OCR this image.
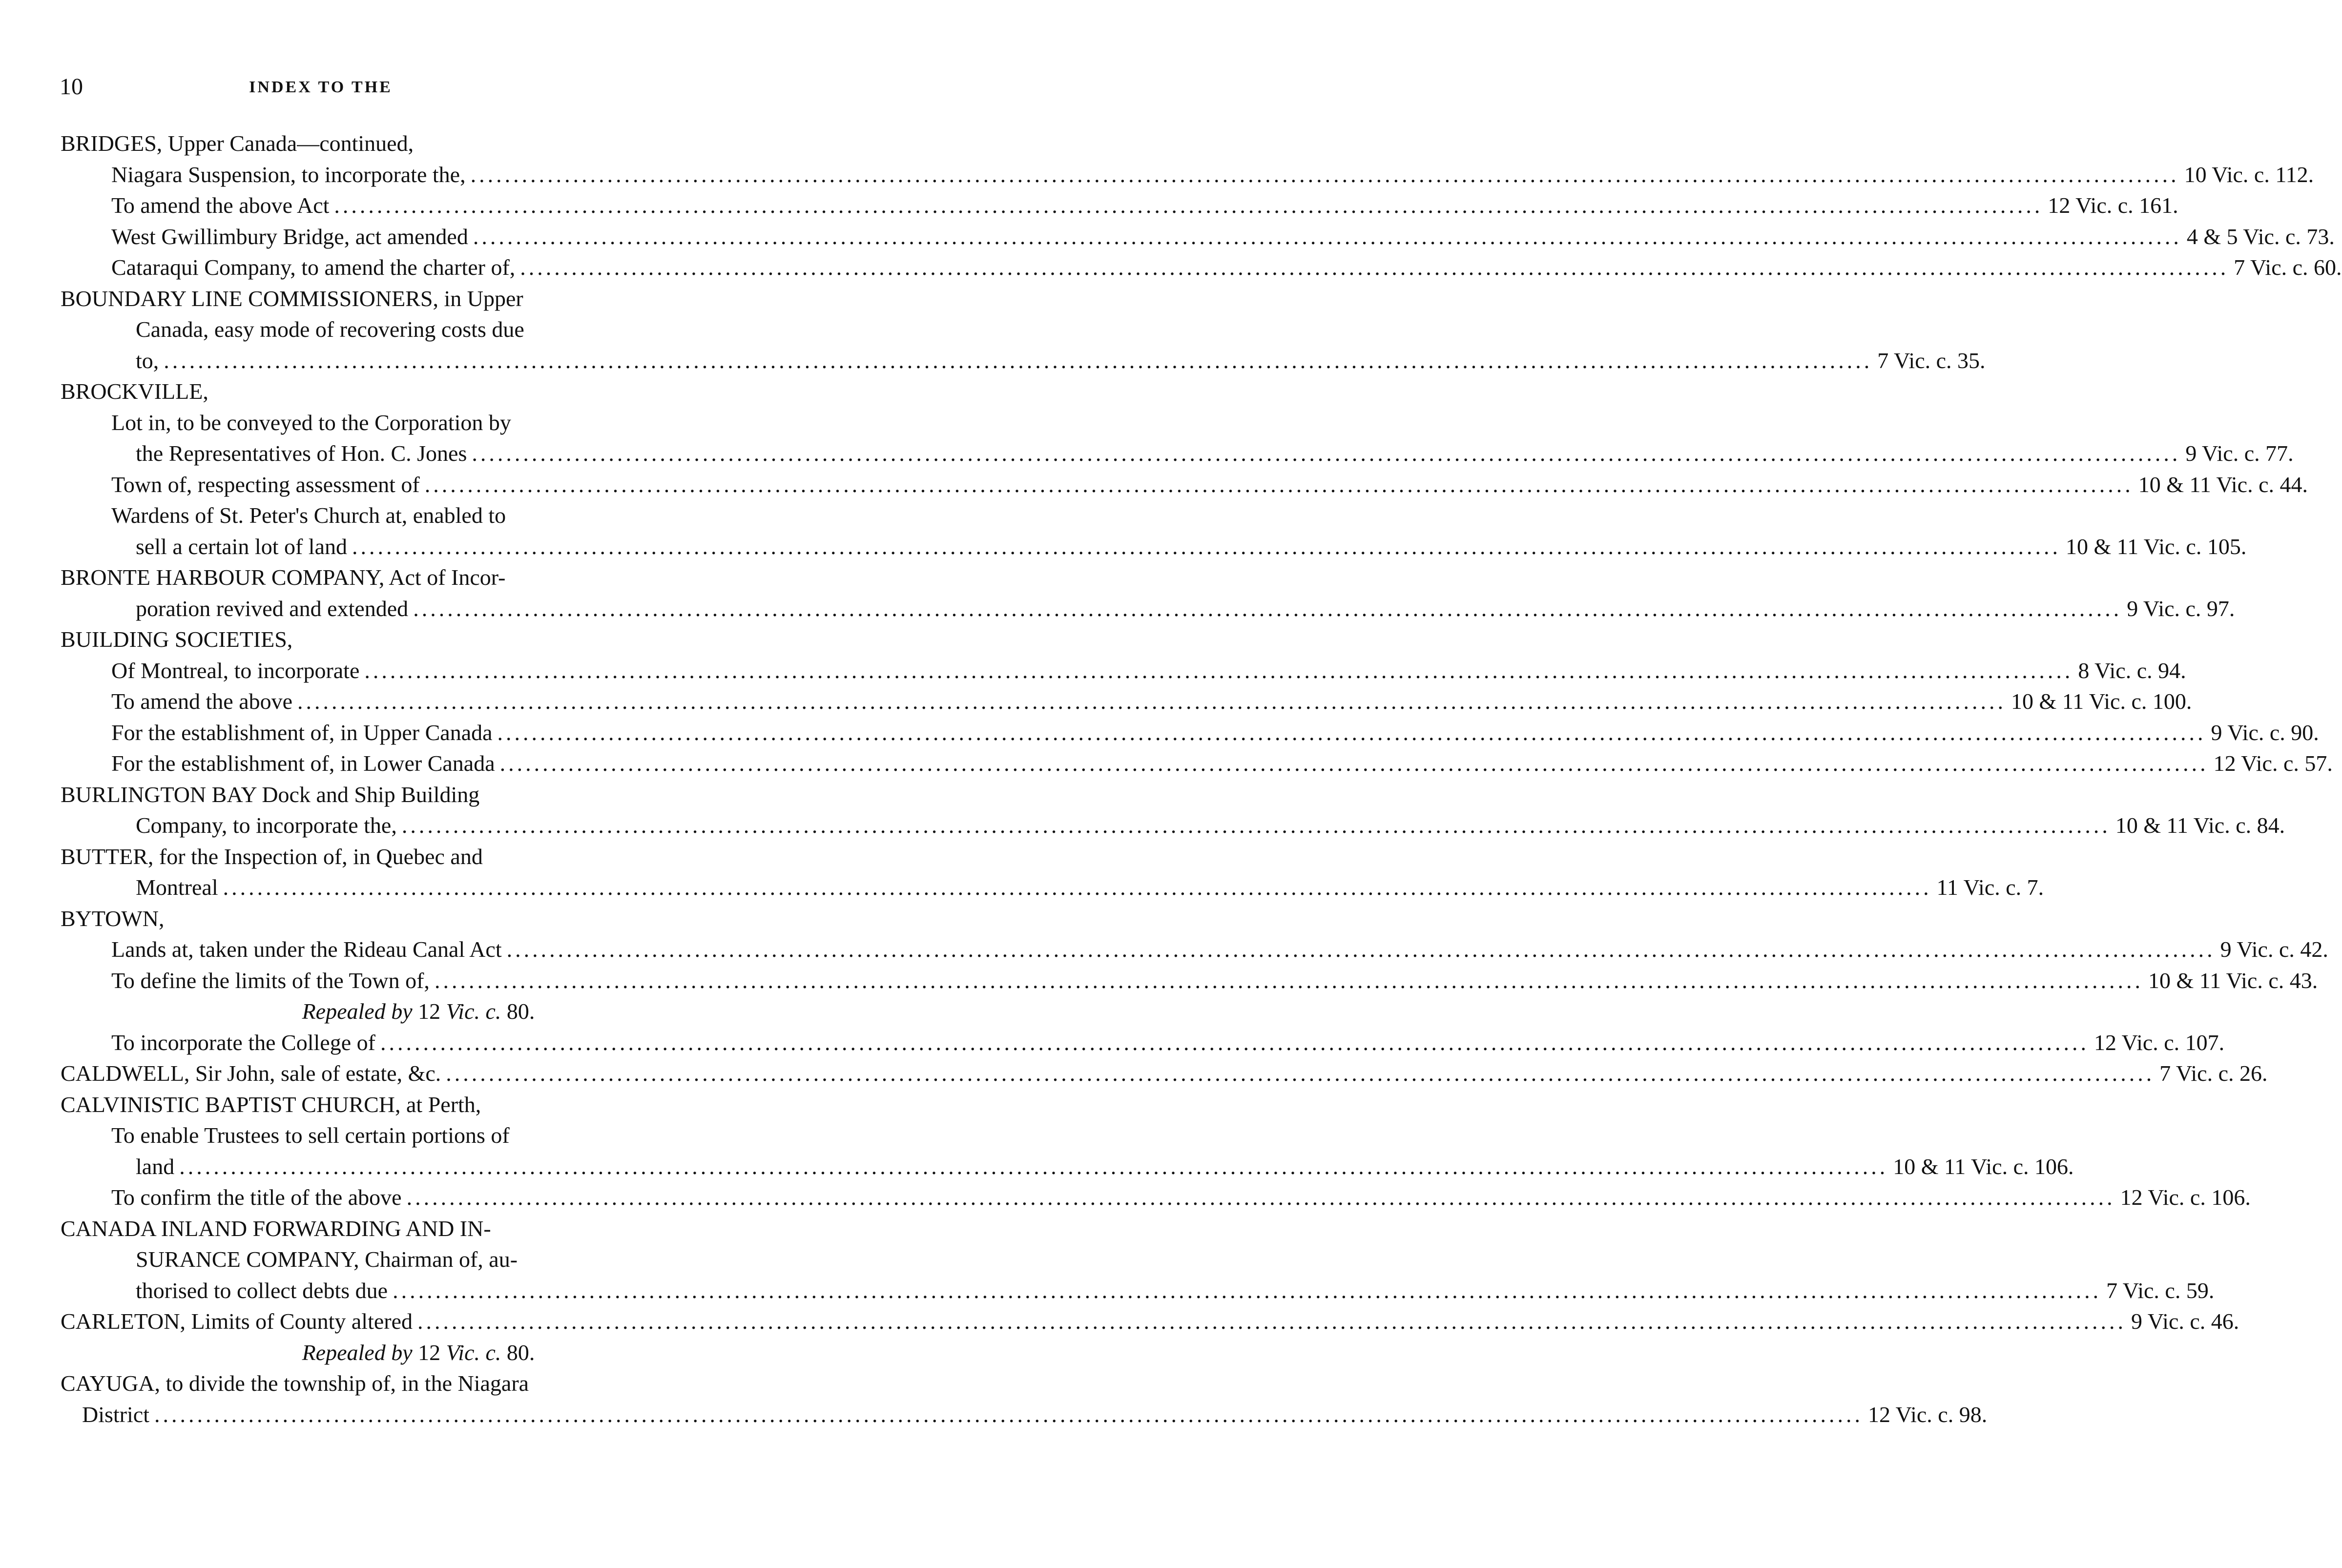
10	INDEX TO THE
BRIDGES, Upper Canada—continued,
Niagara Suspension, to incorporate the, ........................................................................................................................................................................................................ 10 Vic. c. 112.
To amend the above Act ........................................................................................................................................................................................................ 12 Vic. c. 161.
West Gwillimbury Bridge, act amended ........................................................................................................................................................................................................ 4 & 5 Vic. c. 73.
Cataraqui Company, to amend the charter of, ........................................................................................................................................................................................................ 7 Vic. c. 60.
BOUNDARY LINE COMMISSIONERS, in Upper
Canada, easy mode of recovering costs due
to, ........................................................................................................................................................................................................ 7 Vic. c. 35.
BROCKVILLE,
Lot in, to be conveyed to the Corporation by
the Representatives of Hon. C. Jones ........................................................................................................................................................................................................ 9 Vic. c. 77.
Town of, respecting assessment of ........................................................................................................................................................................................................ 10 & 11 Vic. c. 44.
Wardens of St. Peter's Church at, enabled to
sell a certain lot of land ........................................................................................................................................................................................................ 10 & 11 Vic. c. 105.
BRONTE HARBOUR COMPANY, Act of Incor-
poration revived and extended ........................................................................................................................................................................................................ 9 Vic. c. 97.
BUILDING SOCIETIES,
Of Montreal, to incorporate ........................................................................................................................................................................................................ 8 Vic. c. 94.
To amend the above ........................................................................................................................................................................................................ 10 & 11 Vic. c. 100.
For the establishment of, in Upper Canada ........................................................................................................................................................................................................ 9 Vic. c. 90.
For the establishment of, in Lower Canada ........................................................................................................................................................................................................ 12 Vic. c. 57.
BURLINGTON BAY Dock and Ship Building
Company, to incorporate the, ........................................................................................................................................................................................................ 10 & 11 Vic. c. 84.
BUTTER, for the Inspection of, in Quebec and
Montreal ........................................................................................................................................................................................................ 11 Vic. c. 7.
BYTOWN,
Lands at, taken under the Rideau Canal Act ........................................................................................................................................................................................................ 9 Vic. c. 42.
To define the limits of the Town of, ........................................................................................................................................................................................................ 10 & 11 Vic. c. 43.
Repealed by 12 Vic. c. 80.
To incorporate the College of ........................................................................................................................................................................................................ 12 Vic. c. 107.
CALDWELL, Sir John, sale of estate, &c. ........................................................................................................................................................................................................ 7 Vic. c. 26.
CALVINISTIC BAPTIST CHURCH, at Perth,
To enable Trustees to sell certain portions of
land ........................................................................................................................................................................................................ 10 & 11 Vic. c. 106.
To confirm the title of the above ........................................................................................................................................................................................................ 12 Vic. c. 106.
CANADA INLAND FORWARDING AND IN-
SURANCE COMPANY, Chairman of, au-
thorised to collect debts due ........................................................................................................................................................................................................ 7 Vic. c. 59.
CARLETON, Limits of County altered ........................................................................................................................................................................................................ 9 Vic. c. 46.
Repealed by 12 Vic. c. 80.
CAYUGA, to divide the township of, in the Niagara
District ........................................................................................................................................................................................................ 12 Vic. c. 98.
